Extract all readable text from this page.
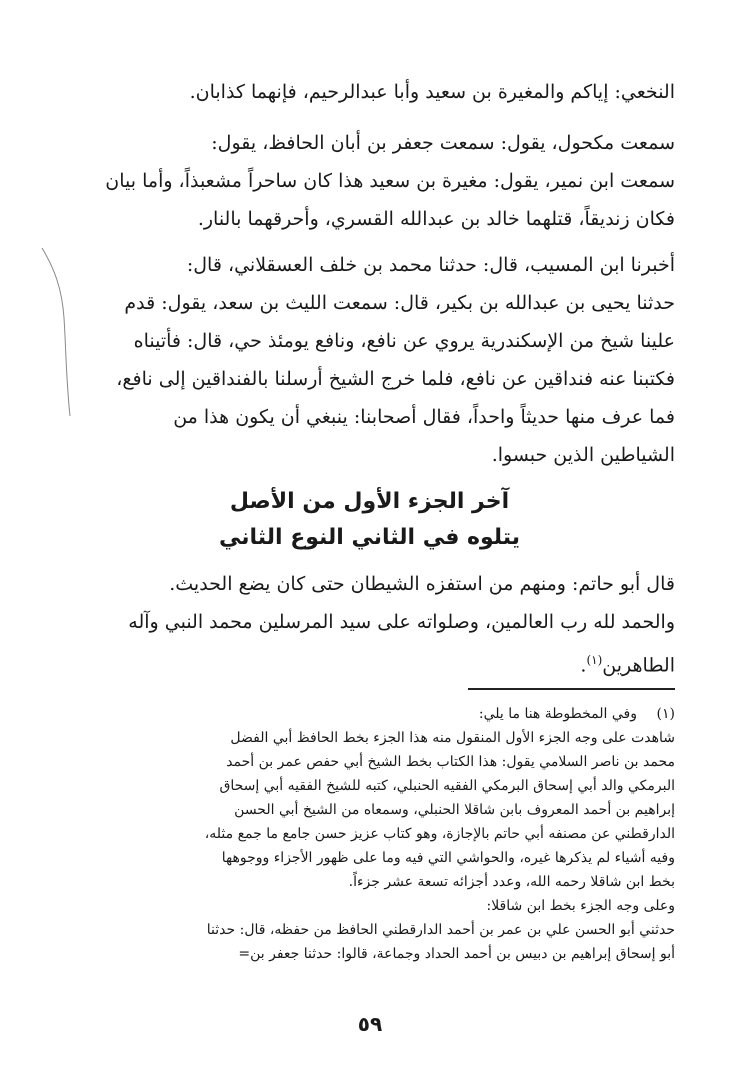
النخعي: إياكم والمغيرة بن سعيد وأبا عبدالرحيم، فإنهما كذابان.
سمعت مكحول، يقول: سمعت جعفر بن أبان الحافظ، يقول:
سمعت ابن نمير، يقول: مغيرة بن سعيد هذا كان ساحراً مشعبذاً، وأما بيان
فكان زنديقاً، قتلهما خالد بن عبدالله القسري، وأحرقهما بالنار.
أخبرنا ابن المسيب، قال: حدثنا محمد بن خلف العسقلاني، قال:
حدثنا يحيى بن عبدالله بن بكير، قال: سمعت الليث بن سعد، يقول: قدم
علينا شيخ من الإسكندرية يروي عن نافع، ونافع يومئذ حي، قال: فأتيناه
فكتبنا عنه فنداقين عن نافع، فلما خرج الشيخ أرسلنا بالفنداقين إلى نافع،
فما عرف منها حديثاً واحداً، فقال أصحابنا: ينبغي أن يكون هذا من
الشياطين الذين حبسوا.
آخر الجزء الأول من الأصل
يتلوه في الثاني النوع الثاني
قال أبو حاتم: ومنهم من استفزه الشيطان حتى كان يضع الحديث.
والحمد لله رب العالمين، وصلواته على سيد المرسلين محمد النبي وآله
الطاهرين$^{(١)}$.
(١)
وفي المخطوطة هنا ما يلي:
شاهدت على وجه الجزء الأول المنقول منه هذا الجزء بخط الحافظ أبي الفضل
محمد بن ناصر السلامي يقول: هذا الكتاب بخط الشيخ أبي حفص عمر بن أحمد
البرمكي والد أبي إسحاق البرمكي الفقيه الحنبلي، كتبه للشيخ الفقيه أبي إسحاق
إبراهيم بن أحمد المعروف بابن شاقلا الحنبلي، وسمعاه من الشيخ أبي الحسن
الدارقطني عن مصنفه أبي حاتم بالإجازة، وهو كتاب عزيز حسن جامع ما جمع مثله،
وفيه أشياء لم يذكرها غيره، والحواشي التي فيه وما على ظهور الأجزاء ووجوهها
بخط ابن شاقلا رحمه الله، وعدد أجزائه تسعة عشر جزءاً.
وعلى وجه الجزء بخط ابن شاقلا:
حدثني أبو الحسن علي بن عمر بن أحمد الدارقطني الحافظ من حفظه، قال: حدثنا
أبو إسحاق إبراهيم بن دبيس بن أحمد الحداد وجماعة، قالوا: حدثنا جعفر بن=
٥٩
